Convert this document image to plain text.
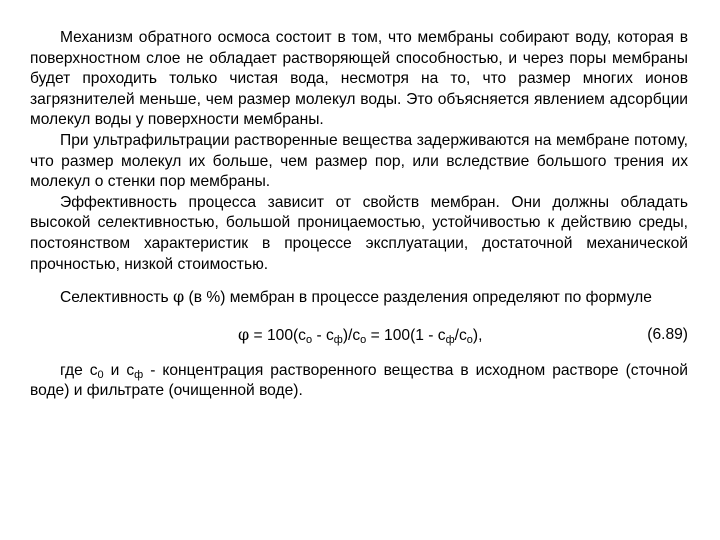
Механизм обратного осмоса состоит в том, что мембраны собирают воду, которая в поверхностном слое не обладает растворяющей способностью, и через поры мембраны будет проходить только чистая вода, несмотря на то, что размер многих ионов загрязнителей меньше, чем размер молекул воды. Это объясняется явлением адсорбции молекул воды у поверхности мембраны.

При ультрафильтрации растворенные вещества задерживаются на мембране потому, что размер молекул их больше, чем размер пор, или вследствие большого трения их молекул о стенки пор мембраны.

Эффективность процесса зависит от свойств мембран. Они должны обладать высокой селективностью, большой проницаемостью, устойчивостью к действию среды, постоянством характеристик в процессе эксплуатации, достаточной механической прочностью, низкой стоимостью.

Селективность φ (в %) мембран в процессе разделения определяют по формуле

$\varphi = 100(c_o - c_ф)/c_o = 100(1 - c_ф/c_o)$,	(6.89)

где $c_0$ и $c_ф$ - концентрация растворенного вещества в исходном растворе (сточной воде) и фильтрате (очищенной воде).
